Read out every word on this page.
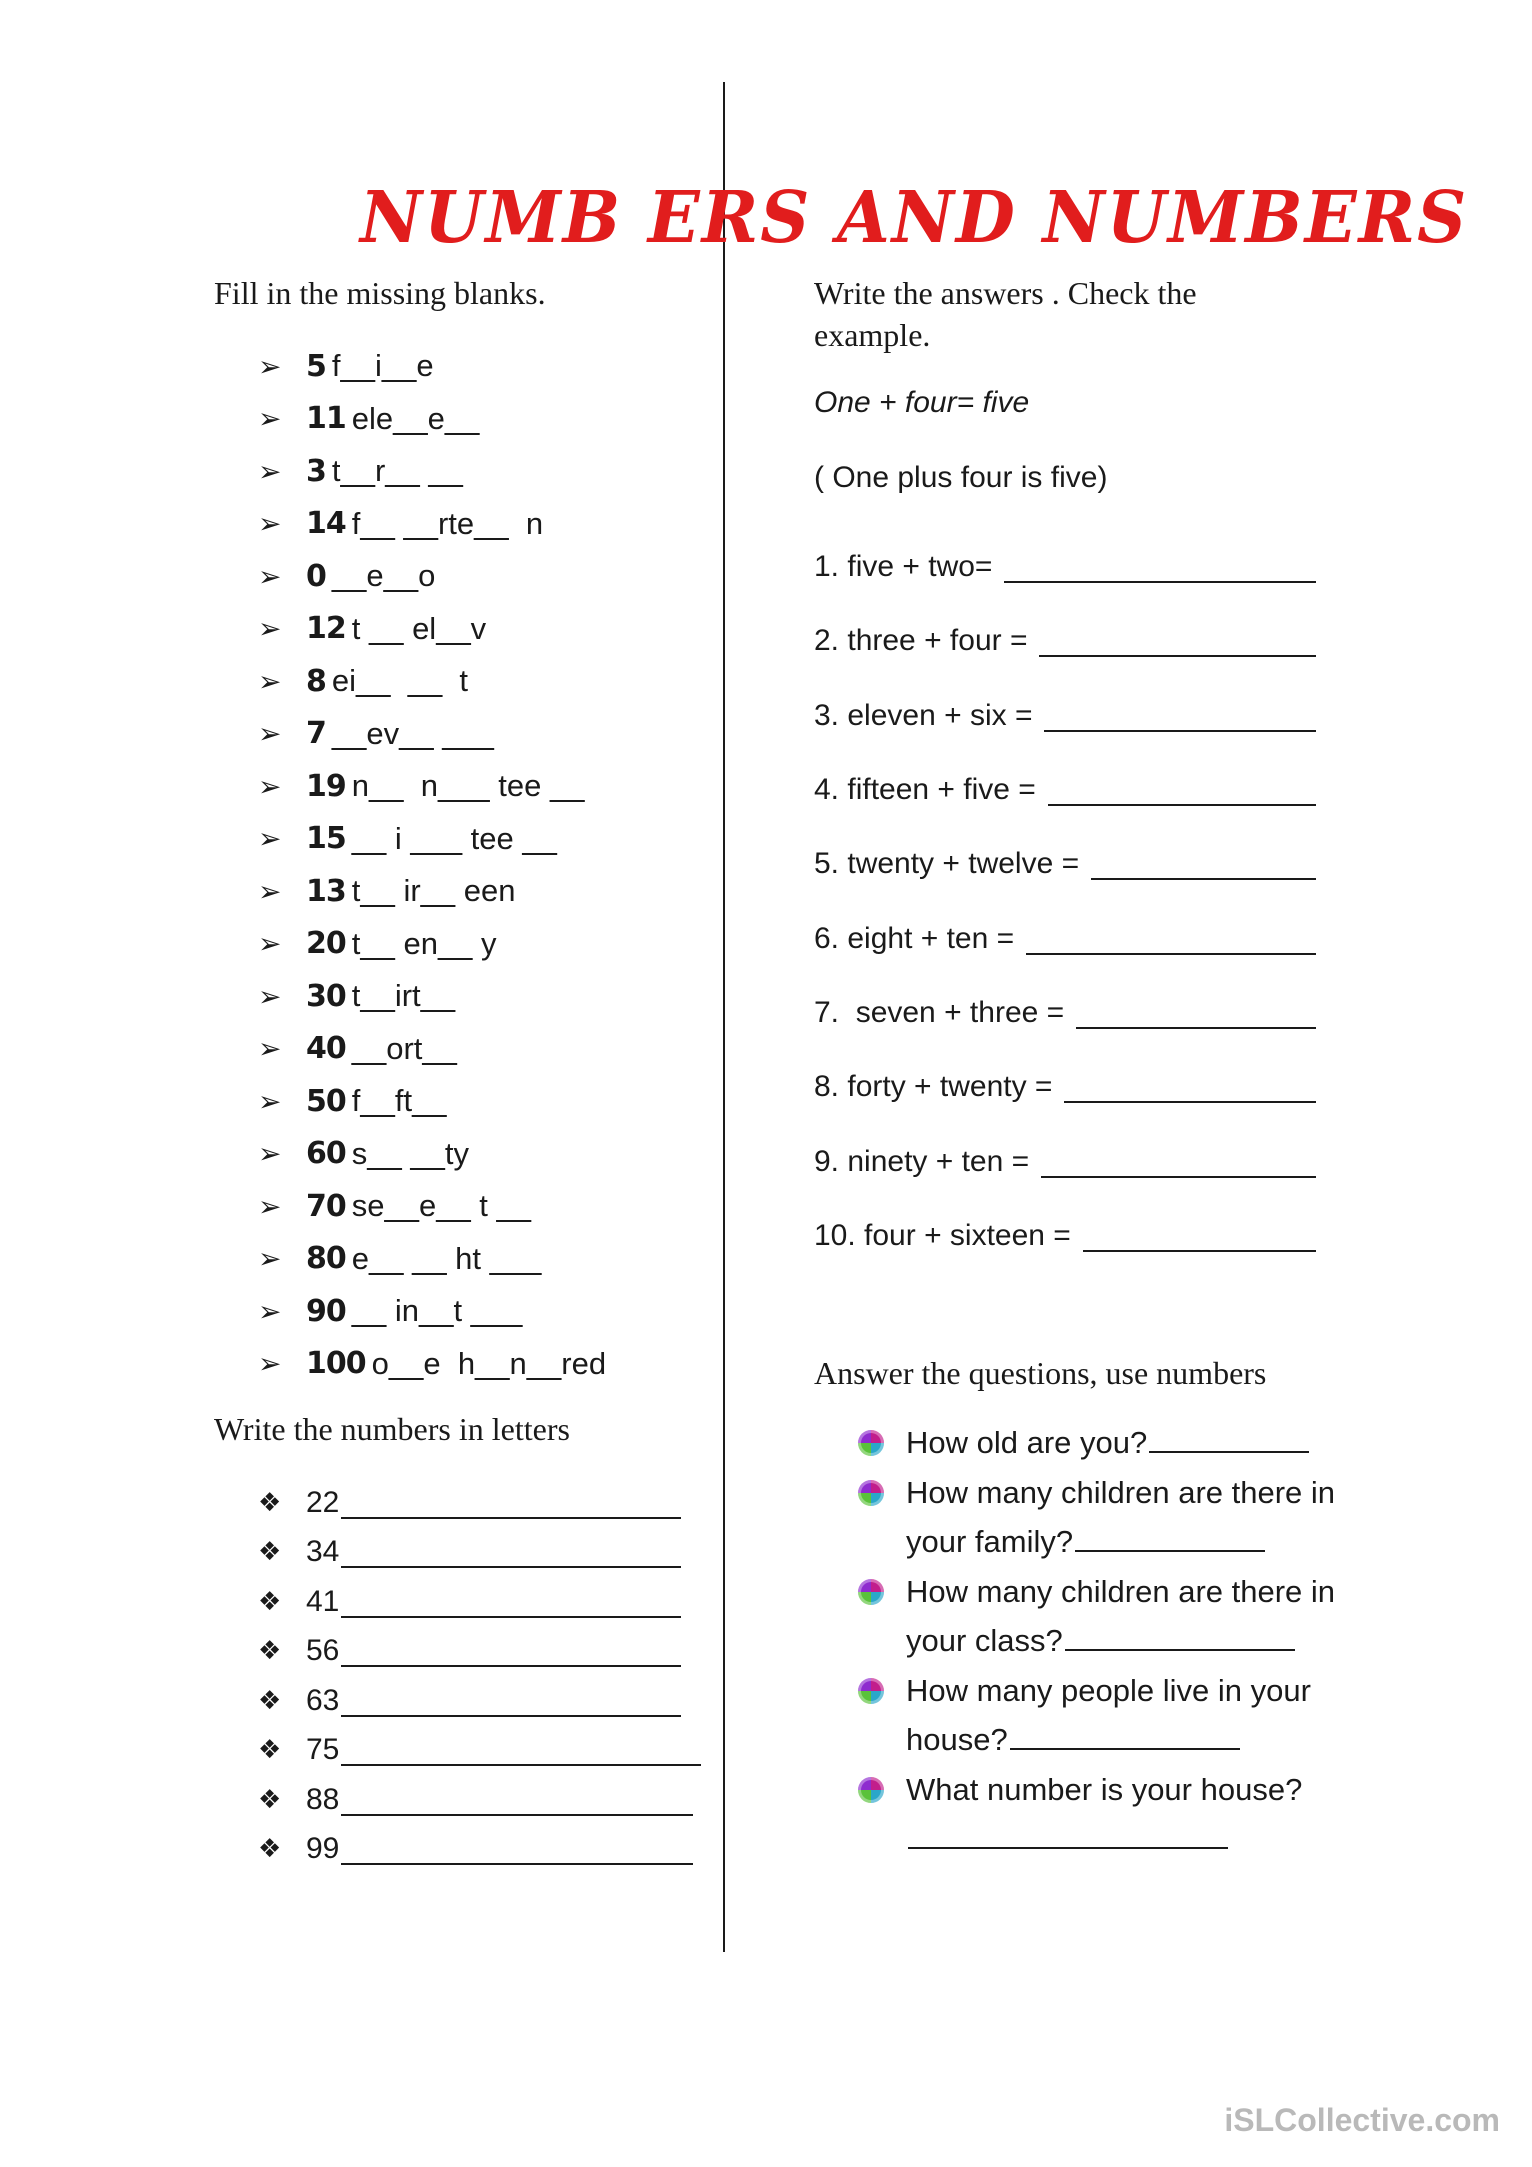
NUMB ERS AND NUMBERS
Fill in the missing blanks.
➢ 5 f__i__e
➢ 11 ele__e__
➢ 3 t__r__ __
➢ 14 f__ __rte__  n
➢ 0 __e__o
➢ 12 t __ el__v
➢ 8 ei__  __  t
➢ 7 __ev__ ___
➢ 19 n__  n___ tee __
➢ 15 __ i ___ tee __
➢ 13 t__ ir__ een
➢ 20 t__ en__ y
➢ 30 t__irt__
➢ 40 __ort__
➢ 50 f__ft__
➢ 60 s__ __ty
➢ 70 se__e__ t __
➢ 80 e__ __ ht ___
➢ 90 __ in__t ___
➢ 100 o__e  h__n__red
Write the numbers in letters
❖ 22
❖ 34
❖ 41
❖ 56
❖ 63
❖ 75
❖ 88
❖ 99
Write the answers . Check the example.
One + four= five
( One plus four is five)
1. five + two=
2. three + four =
3. eleven + six =
4. fifteen + five =
5. twenty + twelve =
6. eight + ten =
7.  seven + three =
8. forty + twenty =
9. ninety + ten =
10. four + sixteen =
Answer the questions, use numbers
How old are you?
How many children are there in your family?
How many children are there in your class?
How many people live in your house?
What number is your house?
iSLCollective.com
